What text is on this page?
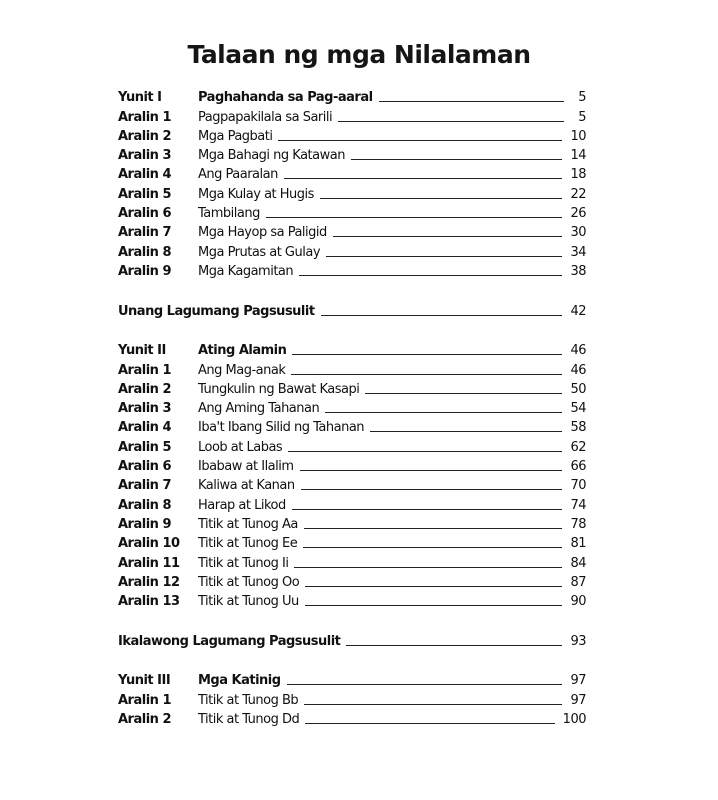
Talaan ng mga Nilalaman
Yunit I	Paghahanda sa Pag-aaral	5
Aralin 1	Pagpapakilala sa Sarili	5
Aralin 2	Mga Pagbati	10
Aralin 3	Mga Bahagi ng Katawan	14
Aralin 4	Ang Paaralan	18
Aralin 5	Mga Kulay at Hugis	22
Aralin 6	Tambilang	26
Aralin 7	Mga Hayop sa Paligid	30
Aralin 8	Mga Prutas at Gulay	34
Aralin 9	Mga Kagamitan	38
Unang Lagumang Pagsusulit	42
Yunit II	Ating Alamin	46
Aralin 1	Ang Mag-anak	46
Aralin 2	Tungkulin ng Bawat Kasapi	50
Aralin 3	Ang Aming Tahanan	54
Aralin 4	Iba't Ibang Silid ng Tahanan	58
Aralin 5	Loob at Labas	62
Aralin 6	Ibabaw at Ilalim	66
Aralin 7	Kaliwa at Kanan	70
Aralin 8	Harap at Likod	74
Aralin 9	Titik at Tunog Aa	78
Aralin 10	Titik at Tunog Ee	81
Aralin 11	Titik at Tunog Ii	84
Aralin 12	Titik at Tunog Oo	87
Aralin 13	Titik at Tunog Uu	90
Ikalawong Lagumang Pagsusulit	93
Yunit III	Mga Katinig	97
Aralin 1	Titik at Tunog Bb	97
Aralin 2	Titik at Tunog Dd	100
